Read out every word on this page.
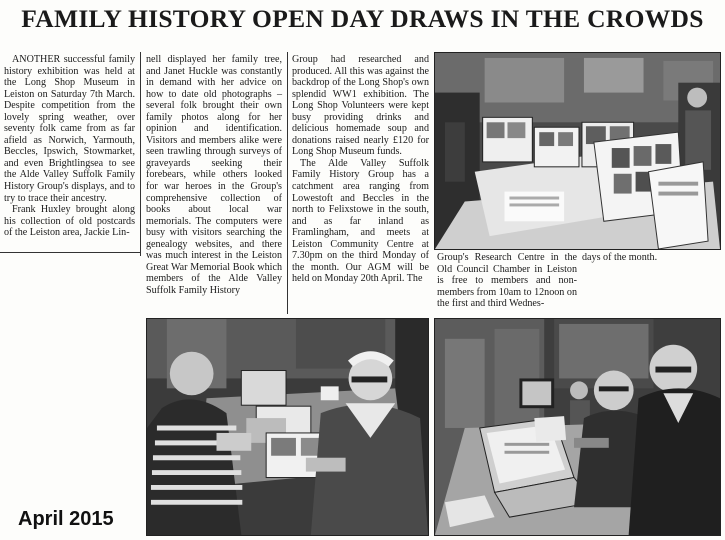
FAMILY HISTORY OPEN DAY DRAWS IN THE CROWDS

ANOTHER successful family history exhibition was held at the Long Shop Museum in Leiston on Saturday 7th March. Despite competition from the lovely spring weather, over seventy folk came from as far afield as Norwich, Yarmouth, Beccles, Ipswich, Stowmarket, and even Brightlingsea to see the Alde Valley Suffolk Family History Group's displays, and to try to trace their ancestry.

Frank Huxley brought along his collection of old postcards of the Leiston area, Jackie Lin-

nell displayed her family tree, and Janet Huckle was constantly in demand with her advice on how to date old photographs – several folk brought their own family photos along for her opinion and identification. Visitors and members alike were seen trawling through surveys of graveyards seeking their forebears, while others looked for war heroes in the Group's comprehensive collection of books about local war memorials. The computers were busy with visitors searching the genealogy websites, and there was much interest in the Leiston Great War Memorial Book which members of the Alde Valley Suffolk Family History

Group had researched and produced. All this was against the backdrop of the Long Shop's own splendid WW1 exhibition. The Long Shop Volunteers were kept busy providing drinks and delicious homemade soup and donations raised nearly £120 for Long Shop Museum funds.

The Alde Valley Suffolk Family History Group has a catchment area ranging from Lowestoft and Beccles in the north to Felixstowe in the south, and as far inland as Framlingham, and meets at Leiston Community Centre at 7.30pm on the third Monday of the month. Our AGM will be held on Monday 20th April. The

Group's Research Centre in the Old Council Chamber in Leiston is free to members and non-members from 10am to 12noon on the first and third Wednes-

days of the month.

April 2015
